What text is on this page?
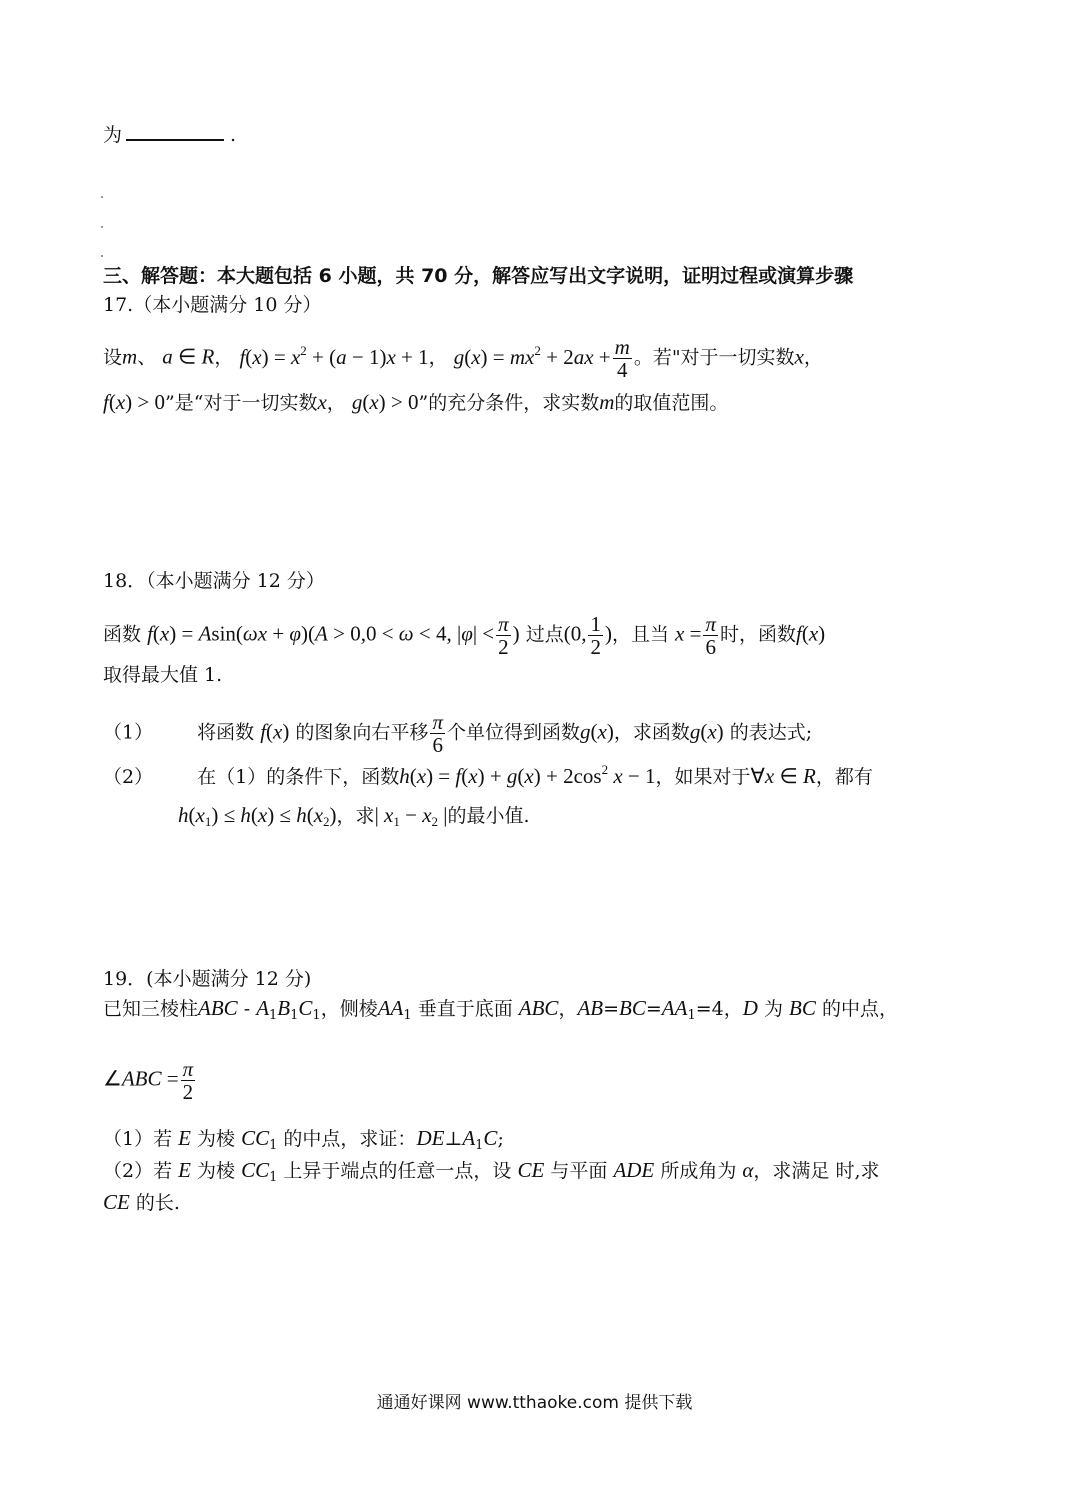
为	.
三、解答题：本大题包括 6 小题，共 70 分，解答应写出文字说明，证明过程或演算步骤
17.（本小题满分 10 分）
设m、 a ∈ R， $f(x) = x^2 + (a - 1)x + 1$， $g(x) = mx^2 + 2ax + \frac{m}{4}$ 。若"对于一切实数x，
f(x) > 0”是“对于一切实数x， g(x) > 0”的充分条件，求实数m的取值范围。
18．（本小题满分 12 分）
函数 f(x) = Asin(ωx + φ)(A > 0,0 < ω < 4, $|\varphi| < \frac{\pi}{2}$ ) 过点(0, $\frac{1}{2}$ )，且当 $x = \frac{\pi}{6}$ 时，函数f(x)
取得最大值 1.
（1） 将函数 f(x) 的图象向右平移 $\frac{\pi}{6}$ 个单位得到函数g(x)，求函数g(x) 的表达式;
（2） 在（1）的条件下，函数$h(x) = f(x) + g(x) + 2\cos^2$ x − 1，如果对于∀x ∈ R，都有
$h(x_1) \le h(x) \le h(x_2)$，求| $x_1 - x_2$ |的最小值.
19．(本小题满分 12 分)
已知三棱柱ABC - $A_1B_1C_1$，侧棱$AA_1$ 垂直于底面 ABC，$AB=BC=AA_1=4$，D 为 BC 的中点，
∠ABC = $\frac{\pi}{2}$
（1）若 E 为棱 $CC_1$ 的中点，求证：$DE\perp A_1C$;
（2）若 E 为棱 $CC_1$ 上异于端点的任意一点，设 CE 与平面 ADE 所成角为 α，求满足 时,求
CE 的长.
通通好课网 www.tthaoke.com 提供下载
